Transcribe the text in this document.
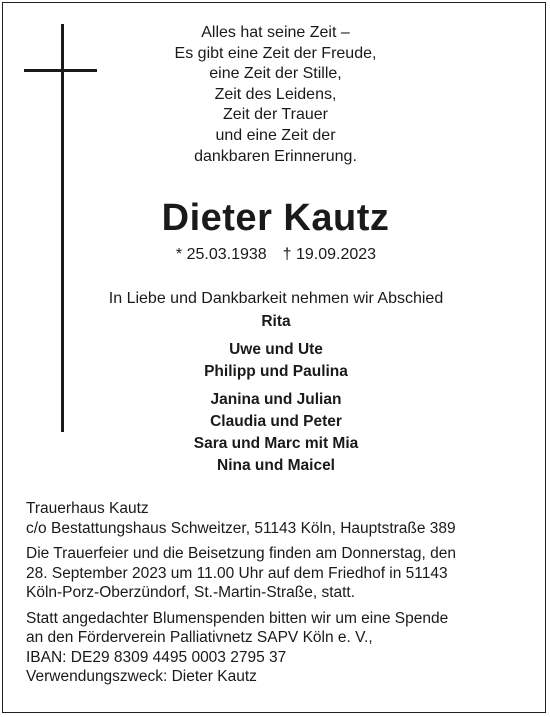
Alles hat seine Zeit –
Es gibt eine Zeit der Freude,
eine Zeit der Stille,
Zeit des Leidens,
Zeit der Trauer
und eine Zeit der
dankbaren Erinnerung.
Dieter Kautz
* 25.03.1938 † 19.09.2023
In Liebe und Dankbarkeit nehmen wir Abschied
Rita
Uwe und Ute
Philipp und Paulina
Janina und Julian
Claudia und Peter
Sara und Marc mit Mia
Nina und Maicel
Trauerhaus Kautz
c/o Bestattungshaus Schweitzer, 51143 Köln, Hauptstraße 389
Die Trauerfeier und die Beisetzung finden am Donnerstag, den
28. September 2023 um 11.00 Uhr auf dem Friedhof in 51143
Köln-Porz-Oberzündorf, St.-Martin-Straße, statt.
Statt angedachter Blumenspenden bitten wir um eine Spende
an den Förderverein Palliativnetz SAPV Köln e. V.,
IBAN: DE29 8309 4495 0003 2795 37
Verwendungszweck: Dieter Kautz
